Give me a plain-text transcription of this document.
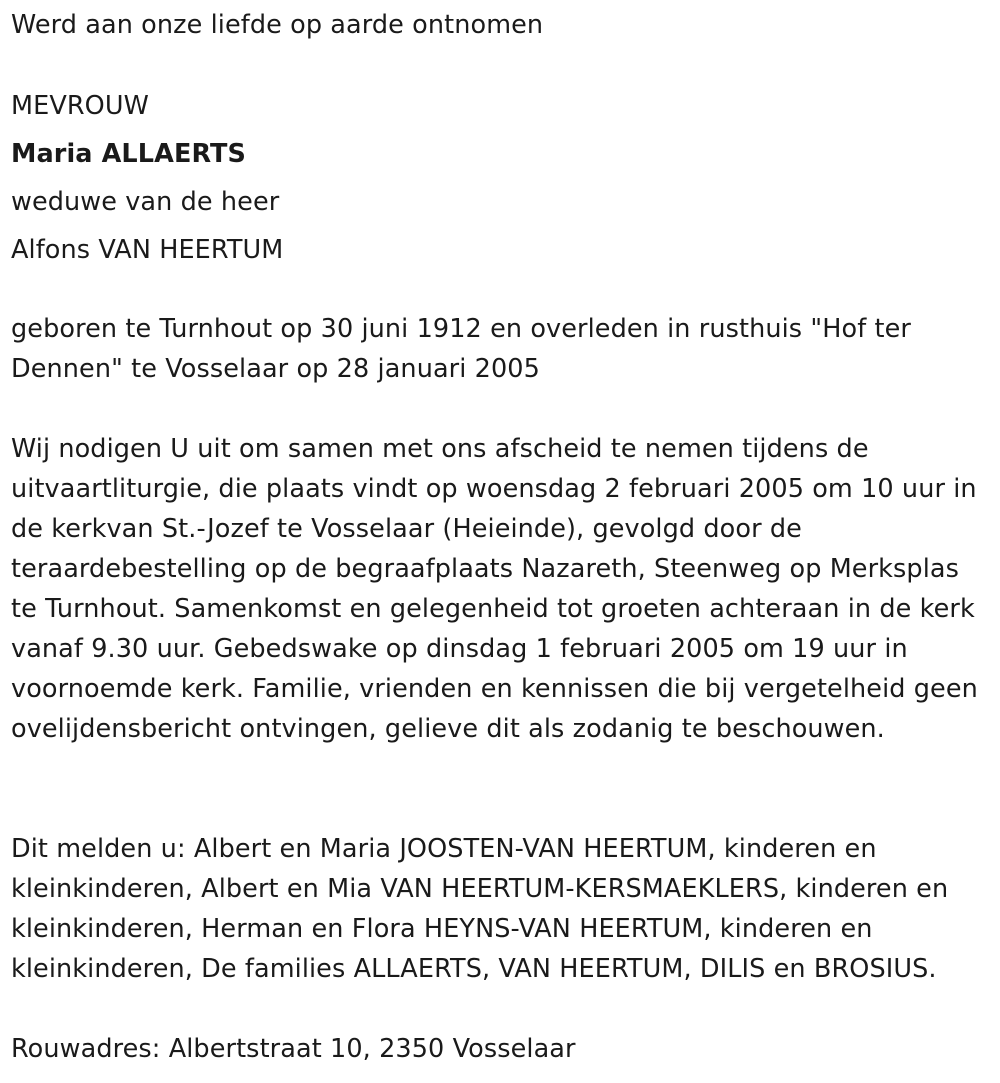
Werd aan onze liefde op aarde ontnomen

MEVROUW

Maria ALLAERTS

weduwe van de heer

Alfons VAN HEERTUM

geboren te Turnhout op 30 juni 1912 en overleden in rusthuis "Hof ter Dennen" te Vosselaar op 28 januari 2005

Wij nodigen U uit om samen met ons afscheid te nemen tijdens de uitvaartliturgie, die plaats vindt op woensdag 2 februari 2005 om 10 uur in de kerkvan St.-Jozef te Vosselaar (Heieinde), gevolgd door de teraardebestelling op de begraafplaats Nazareth, Steenweg op Merksplas te Turnhout. Samenkomst en gelegenheid tot groeten achteraan in de kerk vanaf 9.30 uur. Gebedswake op dinsdag 1 februari 2005 om 19 uur in voornoemde kerk. Familie, vrienden en kennissen die bij vergetelheid geen ovelijdensbericht ontvingen, gelieve dit als zodanig te beschouwen.

Dit melden u: Albert en Maria JOOSTEN-VAN HEERTUM, kinderen en kleinkinderen, Albert en Mia VAN HEERTUM-KERSMAEKLERS, kinderen en kleinkinderen, Herman en Flora HEYNS-VAN HEERTUM, kinderen en kleinkinderen, De families ALLAERTS, VAN HEERTUM, DILIS en BROSIUS.

Rouwadres: Albertstraat 10, 2350 Vosselaar
